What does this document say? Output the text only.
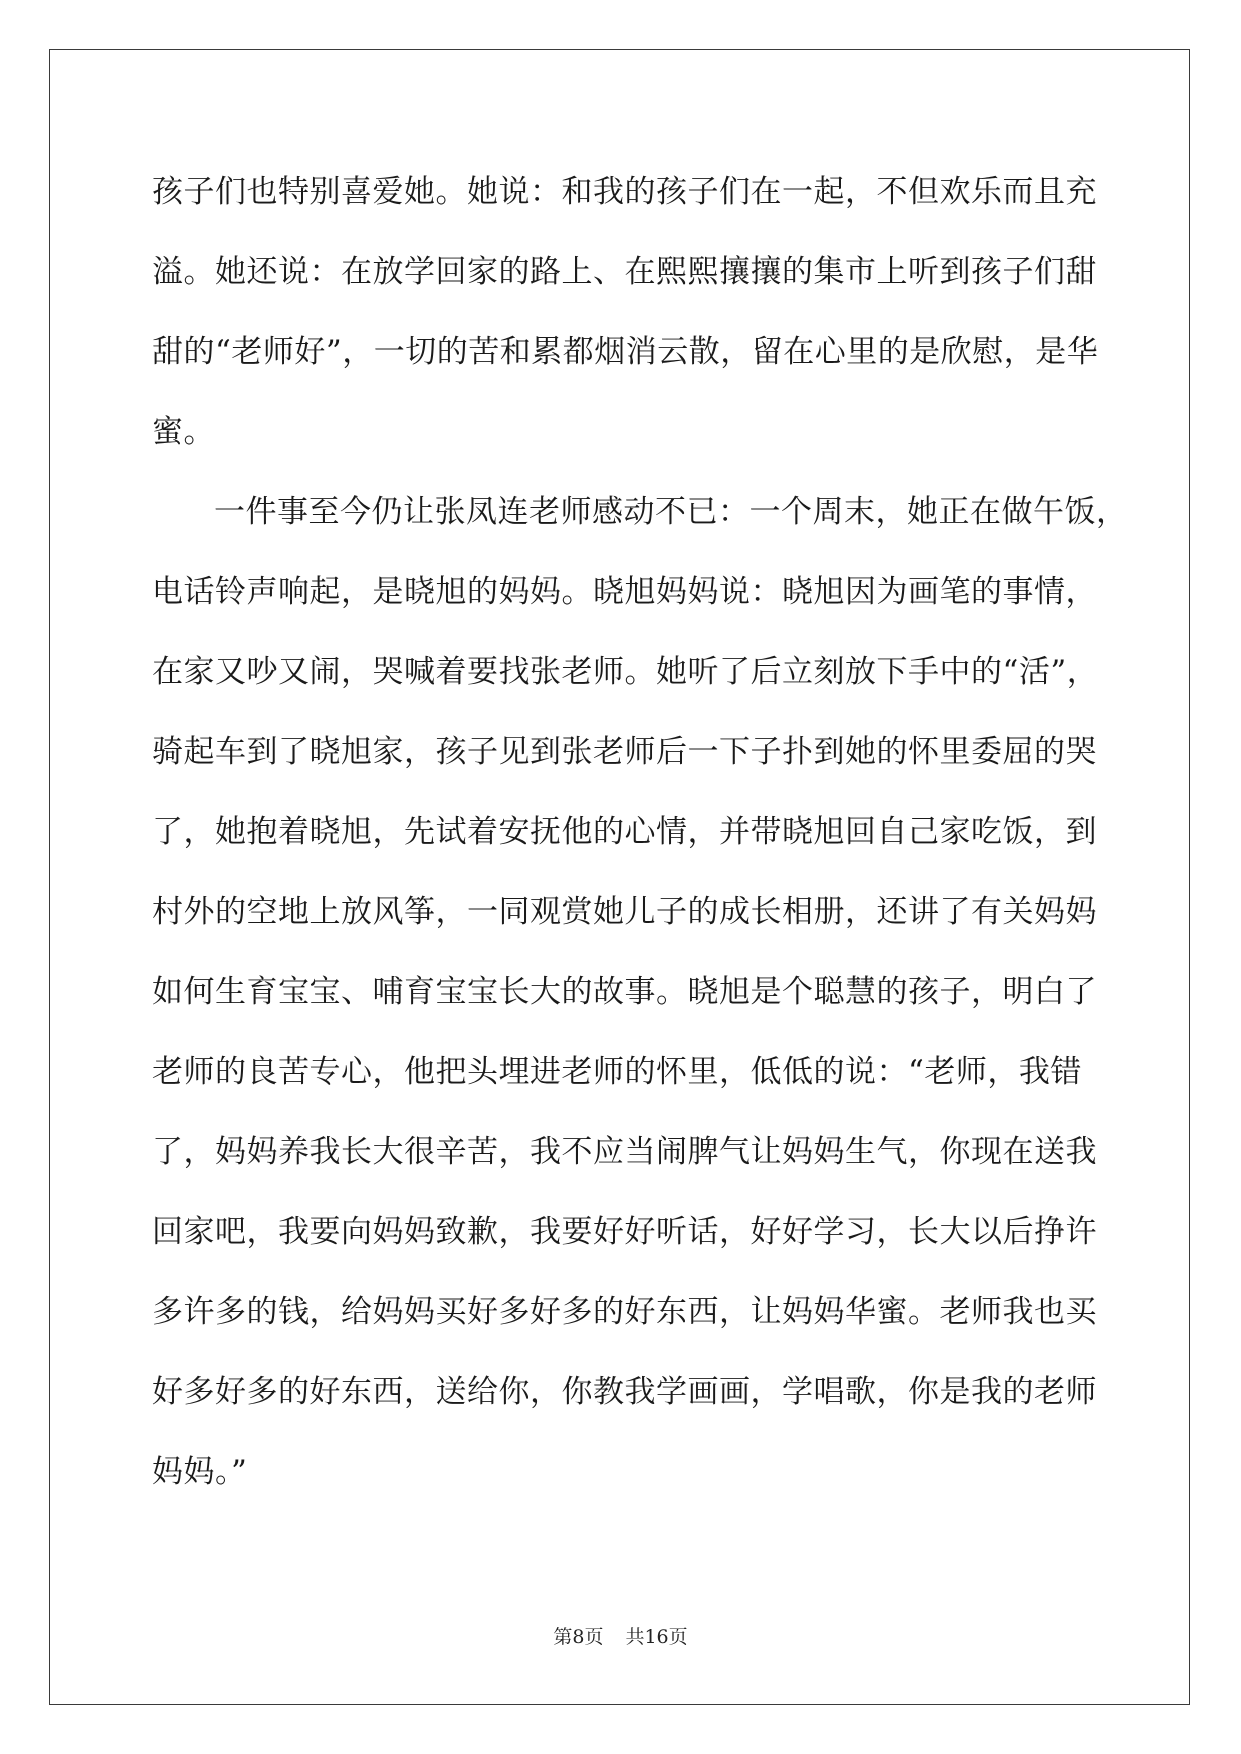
孩子们也特别喜爱她。她说：和我的孩子们在一起，不但欢乐而且充
溢。她还说：在放学回家的路上、在熙熙攘攘的集市上听到孩子们甜
甜的“老师好”，一切的苦和累都烟消云散，留在心里的是欣慰，是华
蜜。
一件事至今仍让张凤连老师感动不已：一个周末，她正在做午饭，
电话铃声响起，是晓旭的妈妈。晓旭妈妈说：晓旭因为画笔的事情，
在家又吵又闹，哭喊着要找张老师。她听了后立刻放下手中的“活”，
骑起车到了晓旭家，孩子见到张老师后一下子扑到她的怀里委屈的哭
了，她抱着晓旭，先试着安抚他的心情，并带晓旭回自己家吃饭，到
村外的空地上放风筝，一同观赏她儿子的成长相册，还讲了有关妈妈
如何生育宝宝、哺育宝宝长大的故事。晓旭是个聪慧的孩子，明白了
老师的良苦专心，他把头埋进老师的怀里，低低的说：“老师，我错
了，妈妈养我长大很辛苦，我不应当闹脾气让妈妈生气，你现在送我
回家吧，我要向妈妈致歉，我要好好听话，好好学习，长大以后挣许
多许多的钱，给妈妈买好多好多的好东西，让妈妈华蜜。老师我也买
好多好多的好东西，送给你，你教我学画画，学唱歌，你是我的老师
妈妈。”
第8页 共16页
